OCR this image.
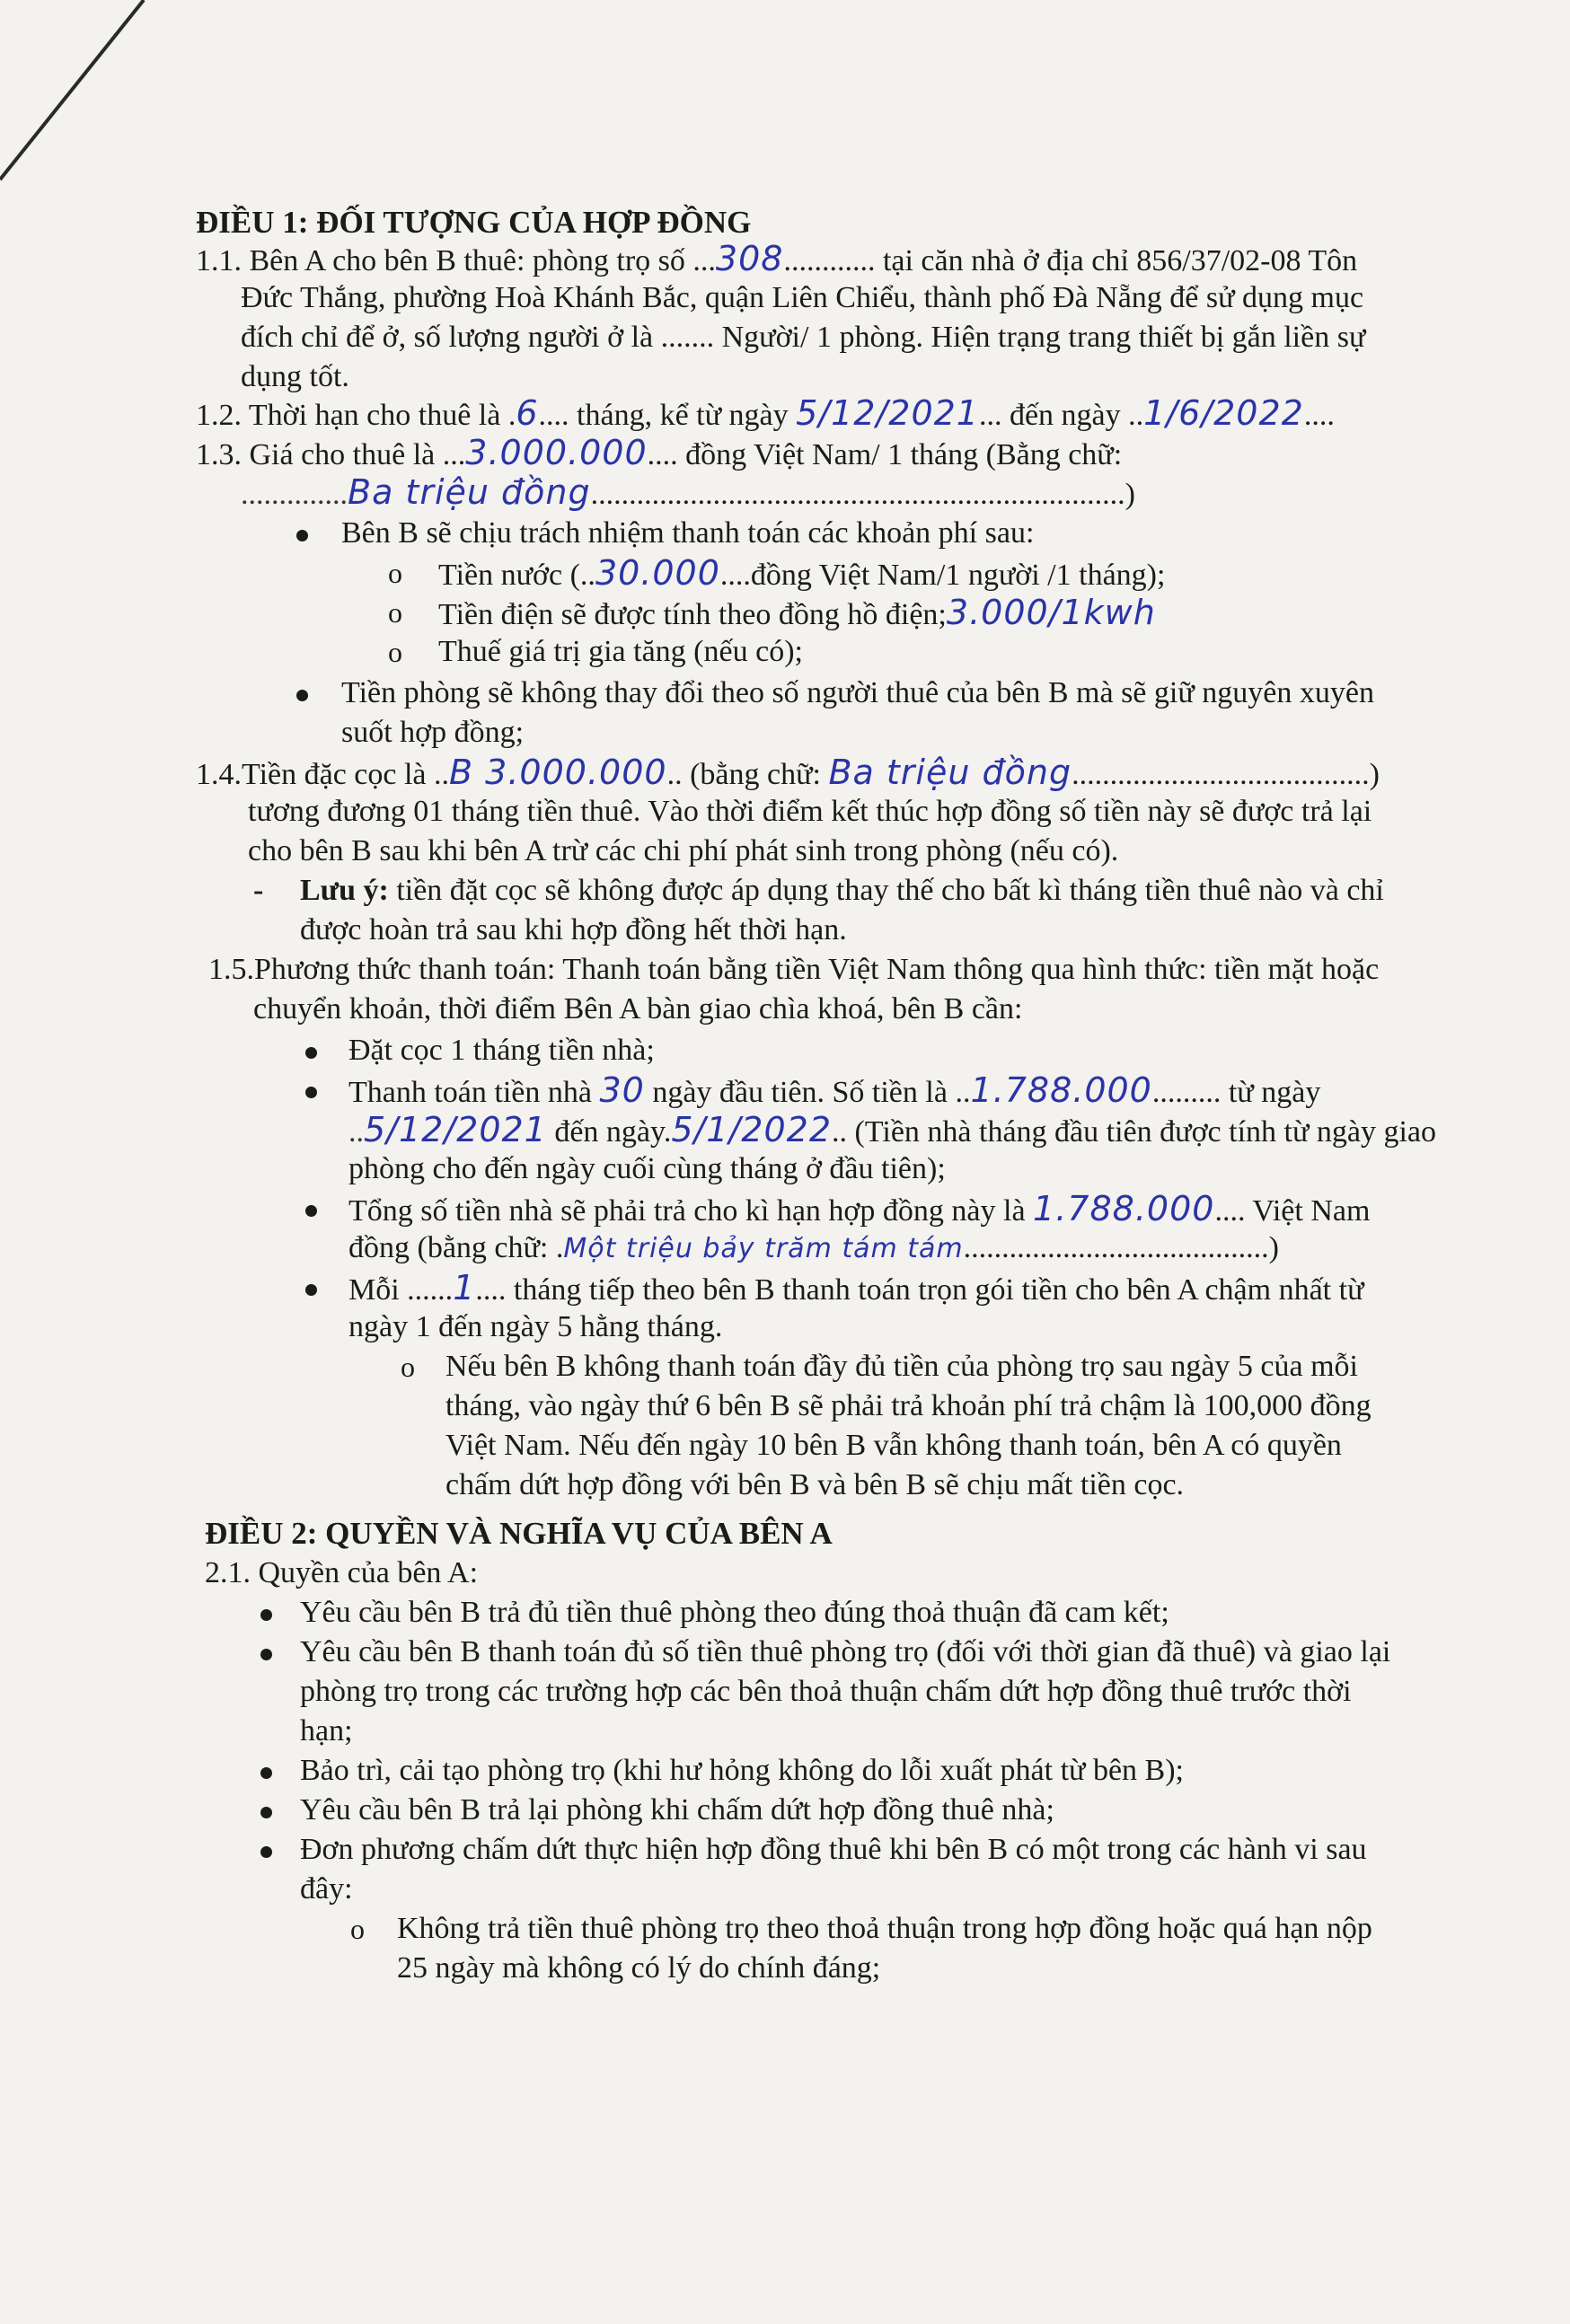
ĐIỀU 1: ĐỐI TƯỢNG CỦA HỢP ĐỒNG
1.1. Bên A cho bên B thuê: phòng trọ số ...308............ tại căn nhà ở địa chỉ 856/37/02-08 Tôn
Đức Thắng, phường Hoà Khánh Bắc, quận Liên Chiểu, thành phố Đà Nẵng để sử dụng mục
đích chỉ để ở, số lượng người ở là ....... Người/ 1 phòng. Hiện trạng trang thiết bị gắn liền sự
dụng tốt.
1.2. Thời hạn cho thuê là .6.... tháng, kể từ ngày 5/12/2021... đến ngày ..1/6/2022....
1.3. Giá cho thuê là ...3.000.000.... đồng Việt Nam/ 1 tháng (Bằng chữ:
..............Ba triệu đồng......................................................................)
Bên B sẽ chịu trách nhiệm thanh toán các khoản phí sau:
o Tiền nước (..30.000....đồng Việt Nam/1 người /1 tháng);
o Tiền điện sẽ được tính theo đồng hồ điện;3.000/1kwh
o Thuế giá trị gia tăng (nếu có);
Tiền phòng sẽ không thay đổi theo số người thuê của bên B mà sẽ giữ nguyên xuyên
suốt hợp đồng;
1.4.Tiền đặc cọc là ..B 3.000.000.. (bằng chữ: Ba triệu đồng.......................................)
tương đương 01 tháng tiền thuê. Vào thời điểm kết thúc hợp đồng số tiền này sẽ được trả lại
cho bên B sau khi bên A trừ các chi phí phát sinh trong phòng (nếu có).
- Lưu ý: tiền đặt cọc sẽ không được áp dụng thay thế cho bất kì tháng tiền thuê nào và chỉ
được hoàn trả sau khi hợp đồng hết thời hạn.
1.5.Phương thức thanh toán: Thanh toán bằng tiền Việt Nam thông qua hình thức: tiền mặt hoặc
chuyển khoản, thời điểm Bên A bàn giao chìa khoá, bên B cần:
Đặt cọc 1 tháng tiền nhà;
Thanh toán tiền nhà 30 ngày đầu tiên. Số tiền là ..1.788.000......... từ ngày
..5/12/2021 đến ngày.5/1/2022.. (Tiền nhà tháng đầu tiên được tính từ ngày giao
phòng cho đến ngày cuối cùng tháng ở đầu tiên);
Tổng số tiền nhà sẽ phải trả cho kì hạn hợp đồng này là 1.788.000.... Việt Nam
đồng (bằng chữ: .Một triệu bảy trăm tám tám........................................)
Mỗi ......1.... tháng tiếp theo bên B thanh toán trọn gói tiền cho bên A chậm nhất từ
ngày 1 đến ngày 5 hằng tháng.
o Nếu bên B không thanh toán đầy đủ tiền của phòng trọ sau ngày 5 của mỗi
tháng, vào ngày thứ 6 bên B sẽ phải trả khoản phí trả chậm là 100,000 đồng
Việt Nam. Nếu đến ngày 10 bên B vẫn không thanh toán, bên A có quyền
chấm dứt hợp đồng với bên B và bên B sẽ chịu mất tiền cọc.
ĐIỀU 2: QUYỀN VÀ NGHĨA VỤ CỦA BÊN A
2.1. Quyền của bên A:
Yêu cầu bên B trả đủ tiền thuê phòng theo đúng thoả thuận đã cam kết;
Yêu cầu bên B thanh toán đủ số tiền thuê phòng trọ (đối với thời gian đã thuê) và giao lại
phòng trọ trong các trường hợp các bên thoả thuận chấm dứt hợp đồng thuê trước thời
hạn;
Bảo trì, cải tạo phòng trọ (khi hư hỏng không do lỗi xuất phát từ bên B);
Yêu cầu bên B trả lại phòng khi chấm dứt hợp đồng thuê nhà;
Đơn phương chấm dứt thực hiện hợp đồng thuê khi bên B có một trong các hành vi sau
đây:
o Không trả tiền thuê phòng trọ theo thoả thuận trong hợp đồng hoặc quá hạn nộp
25 ngày mà không có lý do chính đáng;
